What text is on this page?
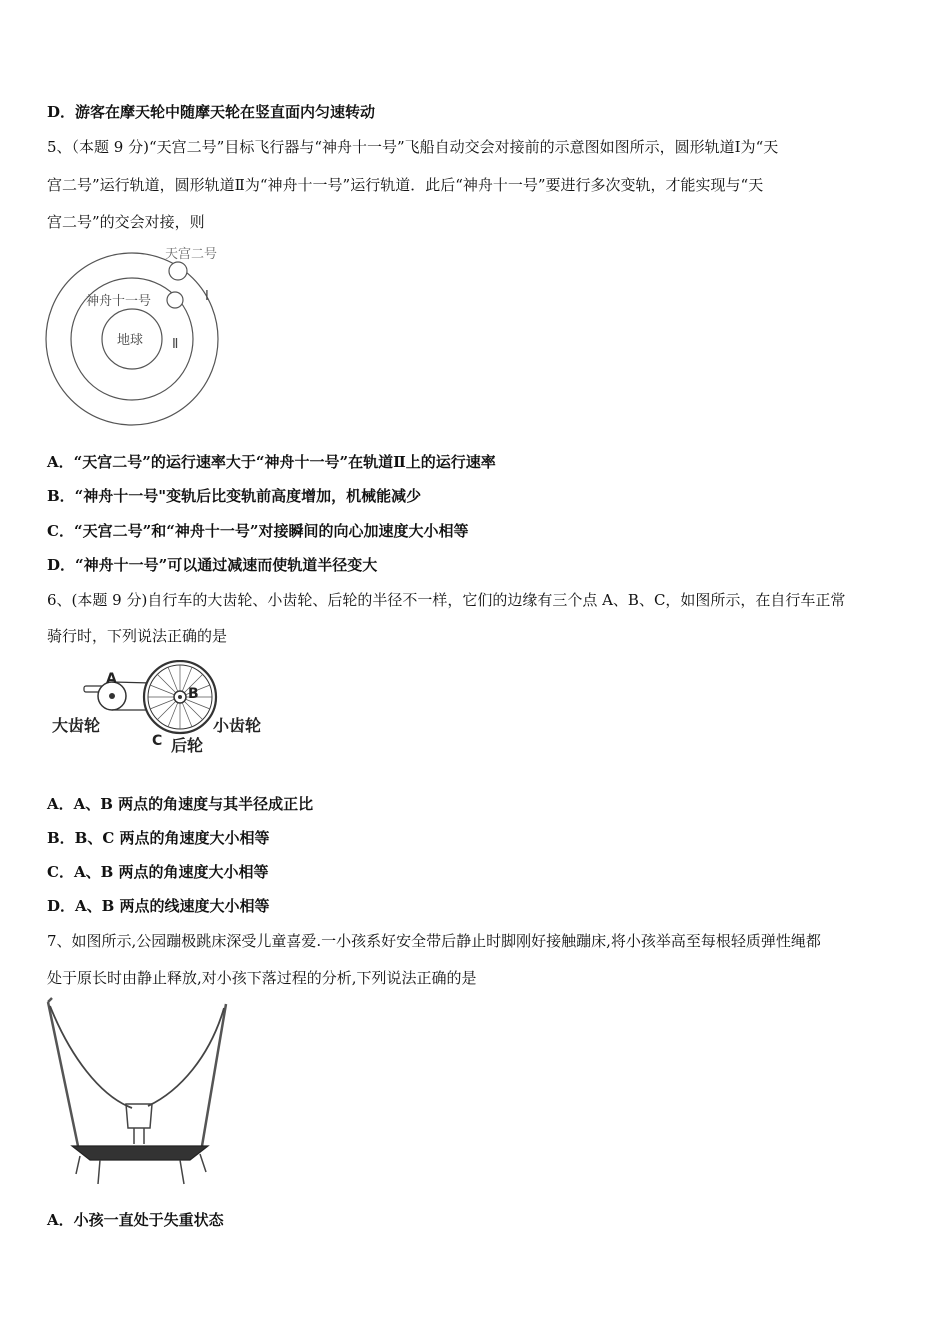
D．游客在摩天轮中随摩天轮在竖直面内匀速转动
5、（本题 9 分)“天宫二号”目标飞行器与“神舟十一号”飞船自动交会对接前的示意图如图所示，圆形轨道Ⅰ为“天
宫二号”运行轨道，圆形轨道Ⅱ为“神舟十一号”运行轨道．此后“神舟十一号”要进行多次变轨，才能实现与“天
宫二号”的交会对接，则
天宫二号
神舟十一号
地球
Ⅰ
Ⅱ
A．“天宫二号”的运行速率大于“神舟十一号”在轨道Ⅱ上的运行速率
B．“神舟十一号"变轨后比变轨前高度增加，机械能减少
C．“天宫二号”和“神舟十一号”对接瞬间的向心加速度大小相等
D．“神舟十一号”可以通过减速而使轨道半径变大
6、(本题 9 分)自行车的大齿轮、小齿轮、后轮的半径不一样，它们的边缘有三个点 A、B、C，如图所示，在自行车正常
骑行时，下列说法正确的是
A
B
C
大齿轮	小齿轮
后轮
A．A、B 两点的角速度与其半径成正比
B．B、C 两点的角速度大小相等
C．A、B 两点的角速度大小相等
D．A、B 两点的线速度大小相等
7、如图所示,公园蹦极跳床深受儿童喜爱.一小孩系好安全带后静止时脚刚好接触蹦床,将小孩举高至每根轻质弹性绳都
处于原长时由静止释放,对小孩下落过程的分析,下列说法正确的是
A．小孩一直处于失重状态
